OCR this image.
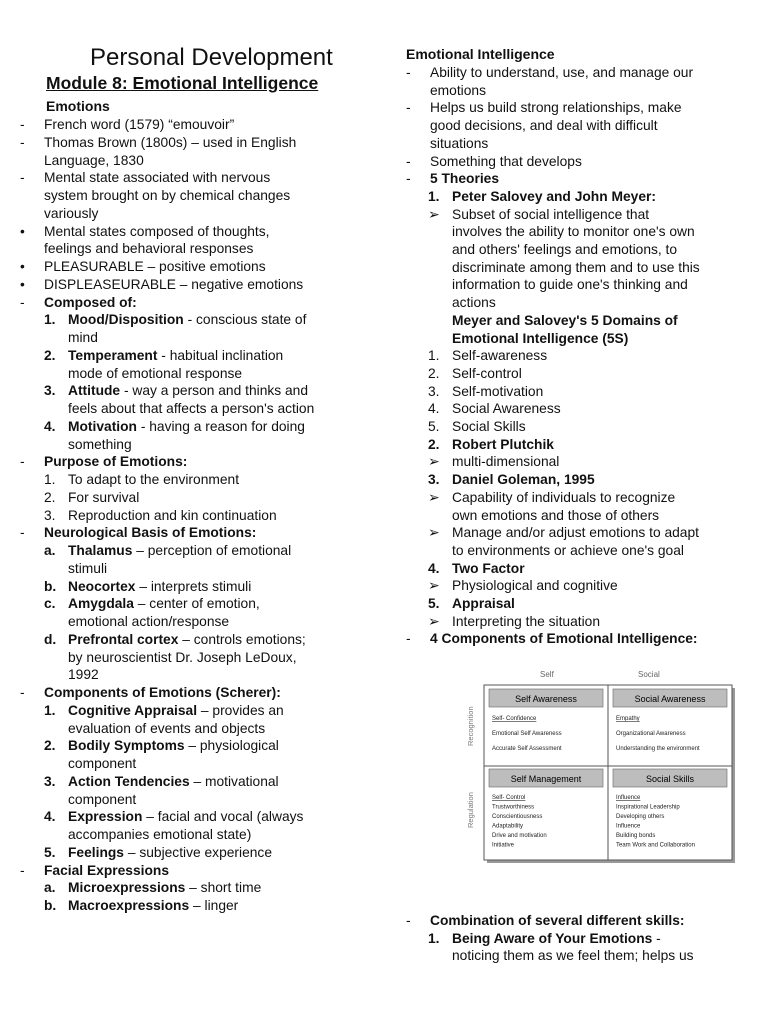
Personal Development
Module 8: Emotional Intelligence
Emotions
Emotional Intelligence
- French word (1579) “emouvoir”
- Thomas Brown (1800s) – used in English
Language, 1830
- Mental state associated with nervous
system brought on by chemical changes
variously
• Mental states composed of thoughts,
feelings and behavioral responses
• PLEASURABLE – positive emotions
• DISPLEASEURABLE – negative emotions
- Composed of:
1. Mood/Disposition - conscious state of
mind
2. Temperament - habitual inclination
mode of emotional response
3. Attitude - way a person and thinks and
feels about that affects a person's action
4. Motivation - having a reason for doing
something
- Purpose of Emotions:
1. To adapt to the environment
2. For survival
3. Reproduction and kin continuation
- Neurological Basis of Emotions:
a. Thalamus – perception of emotional
stimuli
b. Neocortex – interprets stimuli
c. Amygdala – center of emotion,
emotional action/response
d. Prefrontal cortex – controls emotions;
by neuroscientist Dr. Joseph LeDoux,
1992
- Components of Emotions (Scherer):
1. Cognitive Appraisal – provides an
evaluation of events and objects
2. Bodily Symptoms – physiological
component
3. Action Tendencies – motivational
component
4. Expression – facial and vocal (always
accompanies emotional state)
5. Feelings – subjective experience
- Facial Expressions
a. Microexpressions – short time
b. Macroexpressions – linger
- Ability to understand, use, and manage our
emotions
- Helps us build strong relationships, make
good decisions, and deal with difficult
situations
- Something that develops
- 5 Theories
1. Peter Salovey and John Meyer:
➢ Subset of social intelligence that
involves the ability to monitor one's own
and others' feelings and emotions, to
discriminate among them and to use this
information to guide one's thinking and
actions
Meyer and Salovey's 5 Domains of
Emotional Intelligence (5S)
1. Self-awareness
2. Self-control
3. Self-motivation
4. Social Awareness
5. Social Skills
2. Robert Plutchik
➢ multi-dimensional
3. Daniel Goleman, 1995
➢ Capability of individuals to recognize
own emotions and those of others
➢ Manage and/or adjust emotions to adapt
to environments or achieve one's goal
4. Two Factor
➢ Physiological and cognitive
5. Appraisal
➢ Interpreting the situation
- 4 Components of Emotional Intelligence:
- Combination of several different skills:
1. Being Aware of Your Emotions -
noticing them as we feel them; helps us
Self	Social
Recognition
Regulation
Self Awareness	Social Awareness
Self Management	Social Skills
Self- Confidence
Emotional Self Awareness
Accurate Self Assessment
Empathy
Organizational Awareness
Understanding the environment
Self- Control
Trustworthiness
Conscientiousness
Adaptability
Drive and motivation
Initiative
Influence
Inspirational Leadership
Developing others
Influence
Building bonds
Team Work and Collaboration
